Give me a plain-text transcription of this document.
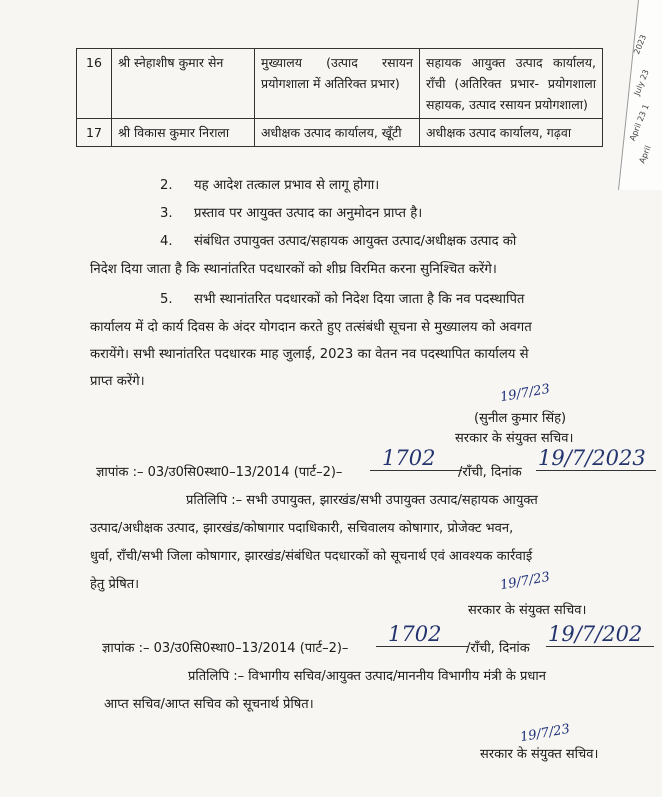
2023
July 23
April 23 1
April
16	श्री स्नेहाशीष कुमार सेन	मुख्यालय (उत्पाद रसायन प्रयोगशाला में अतिरिक्त प्रभार)	सहायक आयुक्त उत्पाद कार्यालय, राँची (अतिरिक्त प्रभार- प्रयोगशाला सहायक, उत्पाद रसायन प्रयोगशाला)
17	श्री विकास कुमार निराला	अधीक्षक उत्पाद कार्यालय, खूँटी	अधीक्षक उत्पाद कार्यालय, गढ़वा
2. यह आदेश तत्काल प्रभाव से लागू होगा।
3. प्रस्ताव पर आयुक्त उत्पाद का अनुमोदन प्राप्त है।
4. संबंधित उपायुक्त उत्पाद/सहायक आयुक्त उत्पाद/अधीक्षक उत्पाद को
निदेश दिया जाता है कि स्थानांतरित पदधारकों को शीघ्र विरमित करना सुनिश्चित करेंगे।
5. सभी स्थानांतरित पदधारकों को निदेश दिया जाता है कि नव पदस्थापित
कार्यालय में दो कार्य दिवस के अंदर योगदान करते हुए तत्संबंधी सूचना से मुख्यालय को अवगत
करायेंगे। सभी स्थानांतरित पदधारक माह जुलाई, 2023 का वेतन नव पदस्थापित कार्यालय से
प्राप्त करेंगे।
19/7/23
(सुनील कुमार सिंह)
सरकार के संयुक्त सचिव।
ज्ञापांक :– 03/उ0सि0स्था0–13/2014 (पार्ट–2)–
1702
/राँची, दिनांक
19/7/2023
प्रतिलिपि :– सभी उपायुक्त, झारखंड/सभी उपायुक्त उत्पाद/सहायक आयुक्त
उत्पाद/अधीक्षक उत्पाद, झारखंड/कोषागार पदाधिकारी, सचिवालय कोषागार, प्रोजेक्ट भवन,
धुर्वा, राँची/सभी जिला कोषागार, झारखंड/संबंधित पदधारकों को सूचनार्थ एवं आवश्यक कार्रवाई
हेतु प्रेषित।	19/7/23
सरकार के संयुक्त सचिव।
ज्ञापांक :– 03/उ0सि0स्था0–13/2014 (पार्ट–2)–
1702
/राँची, दिनांक
19/7/202
प्रतिलिपि :– विभागीय सचिव/आयुक्त उत्पाद/माननीय विभागीय मंत्री के प्रधान
आप्त सचिव/आप्त सचिव को सूचनार्थ प्रेषित।
19/7/23
सरकार के संयुक्त सचिव।
